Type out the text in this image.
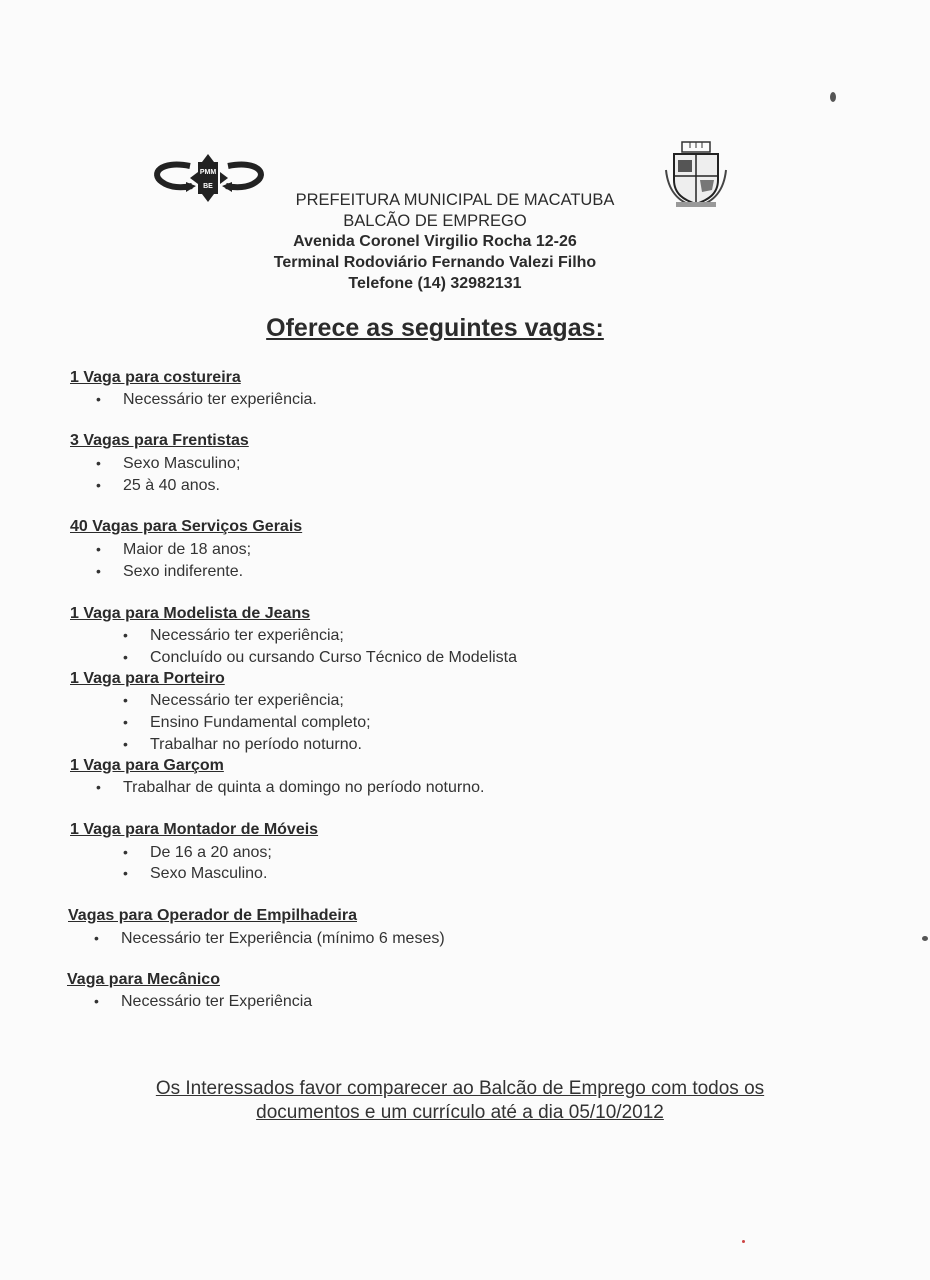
PMM
BE
PREFEITURA MUNICIPAL DE MACATUBA
BALCÃO DE EMPREGO
Avenida Coronel Virgilio Rocha 12-26
Terminal Rodoviário Fernando Valezi Filho
Telefone (14) 32982131
Oferece as seguintes vagas:
1 Vaga para costureira
• Necessário ter experiência.
3 Vagas para Frentistas
• Sexo Masculino;
• 25 à 40 anos.
40 Vagas para Serviços Gerais
• Maior de 18 anos;
• Sexo indiferente.
1 Vaga para Modelista de Jeans
• Necessário ter experiência;
• Concluído ou cursando Curso Técnico de Modelista
1 Vaga para Porteiro
• Necessário ter experiência;
• Ensino Fundamental completo;
• Trabalhar no período noturno.
1 Vaga para Garçom
• Trabalhar de quinta a domingo no período noturno.
1 Vaga para Montador de Móveis
• De 16 a 20 anos;
• Sexo Masculino.
Vagas para Operador de Empilhadeira
• Necessário ter Experiência (mínimo 6 meses)
Vaga para Mecânico
• Necessário ter Experiência
Os Interessados favor comparecer ao Balcão de Emprego com todos os
documentos e um currículo até a dia 05/10/2012
